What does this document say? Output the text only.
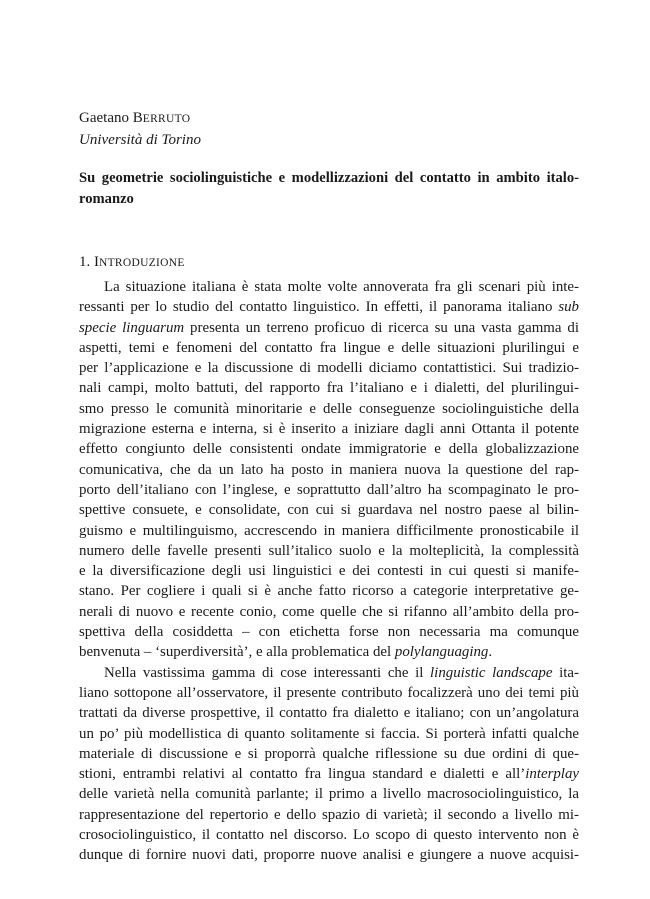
Gaetano BERRUTO

Università di Torino

Su geometrie sociolinguistiche e modellizzazioni del contatto in ambito italo-
romanzo

1. INTRODUZIONE

La situazione italiana è stata molte volte annoverata fra gli scenari più inte-
ressanti per lo studio del contatto linguistico. In effetti, il panorama italiano sub
specie linguarum presenta un terreno proficuo di ricerca su una vasta gamma di
aspetti, temi e fenomeni del contatto fra lingue e delle situazioni plurilingui e
per l’applicazione e la discussione di modelli diciamo contattistici. Sui tradizio-
nali campi, molto battuti, del rapporto fra l’italiano e i dialetti, del plurilingui-
smo presso le comunità minoritarie e delle conseguenze sociolinguistiche della
migrazione esterna e interna, si è inserito a iniziare dagli anni Ottanta il potente
effetto congiunto delle consistenti ondate immigratorie e della globalizzazione
comunicativa, che da un lato ha posto in maniera nuova la questione del rap-
porto dell’italiano con l’inglese, e soprattutto dall’altro ha scompaginato le pro-
spettive consuete, e consolidate, con cui si guardava nel nostro paese al bilin-
guismo e multilinguismo, accrescendo in maniera difficilmente pronosticabile il
numero delle favelle presenti sull’italico suolo e la molteplicità, la complessità
e la diversificazione degli usi linguistici e dei contesti in cui questi si manife-
stano. Per cogliere i quali si è anche fatto ricorso a categorie interpretative ge-
nerali di nuovo e recente conio, come quelle che si rifanno all’ambito della pro-
spettiva della cosiddetta – con etichetta forse non necessaria ma comunque
benvenuta – ‘superdiversità’, e alla problematica del polylanguaging.
Nella vastissima gamma di cose interessanti che il linguistic landscape ita-
liano sottopone all’osservatore, il presente contributo focalizzerà uno dei temi più
trattati da diverse prospettive, il contatto fra dialetto e italiano; con un’angolatura
un po’ più modellistica di quanto solitamente si faccia. Si porterà infatti qualche
materiale di discussione e si proporrà qualche riflessione su due ordini di que-
stioni, entrambi relativi al contatto fra lingua standard e dialetti e all’interplay
delle varietà nella comunità parlante; il primo a livello macrosociolinguistico, la
rappresentazione del repertorio e dello spazio di varietà; il secondo a livello mi-
crosociolinguistico, il contatto nel discorso. Lo scopo di questo intervento non è
dunque di fornire nuovi dati, proporre nuove analisi e giungere a nuove acquisi-
